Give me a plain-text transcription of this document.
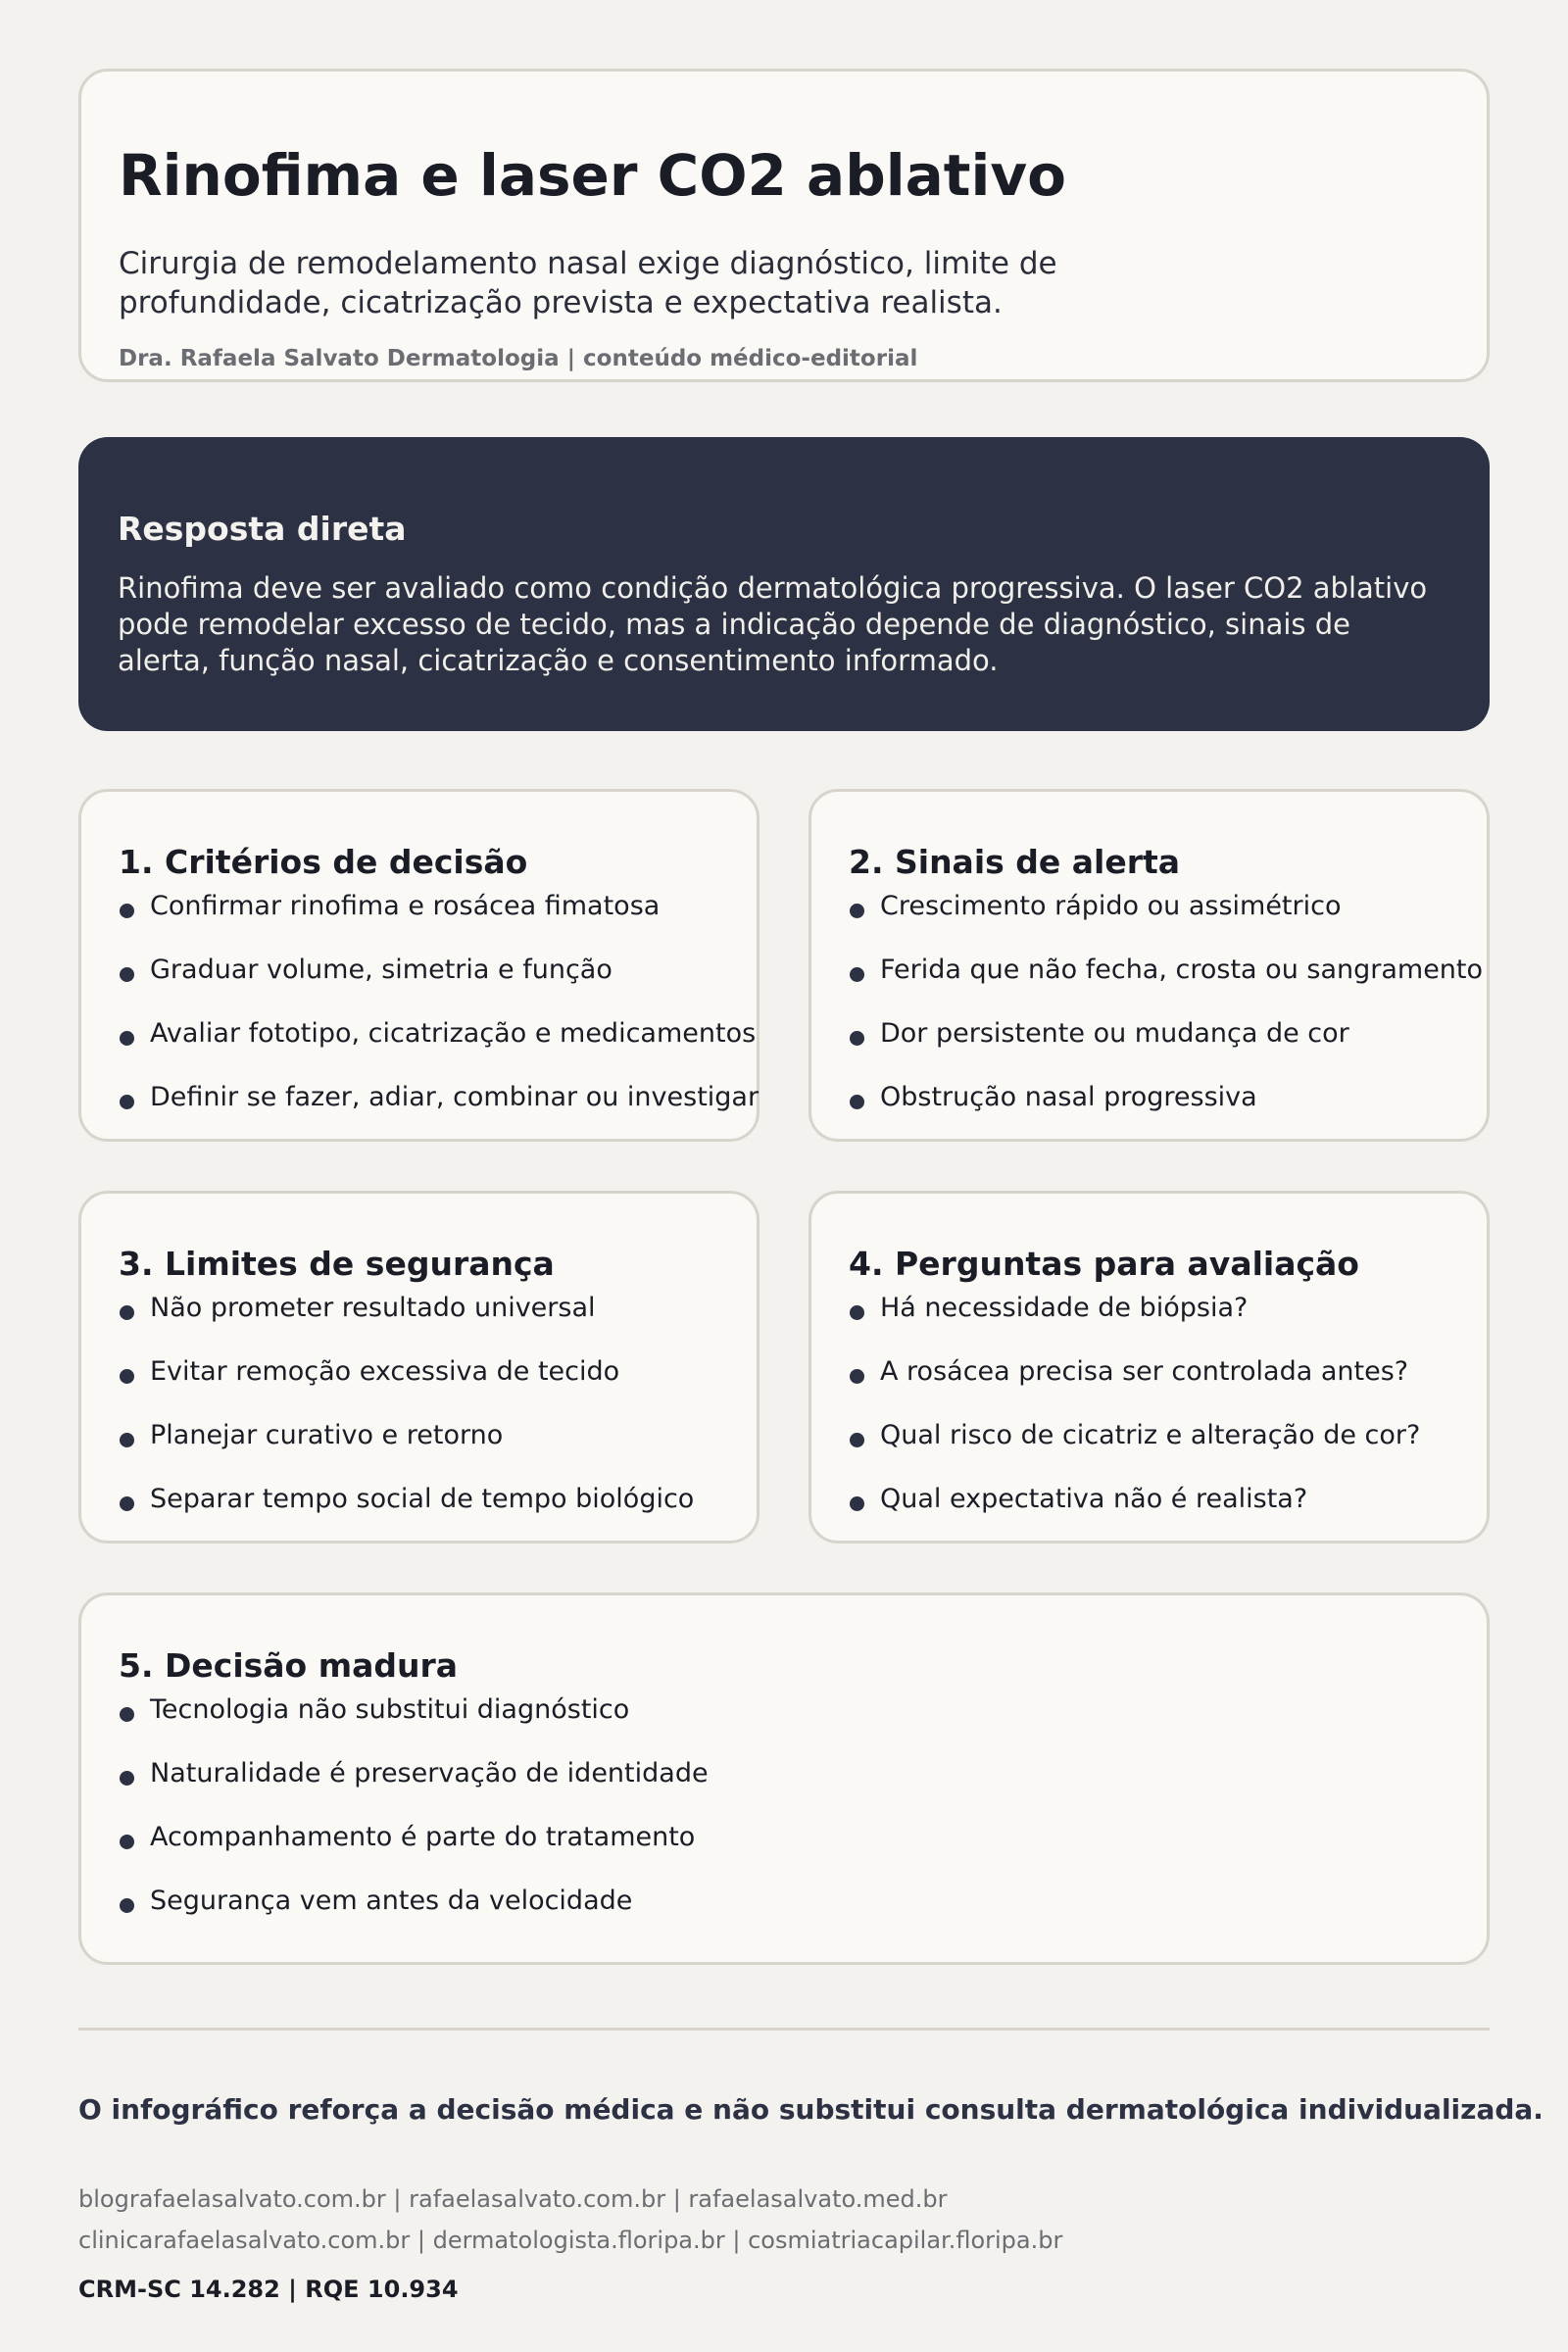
Rinofima e laser CO2 ablativo

Cirurgia de remodelamento nasal exige diagnóstico, limite de profundidade, cicatrização prevista e expectativa realista.

Dra. Rafaela Salvato Dermatologia | conteúdo médico-editorial

Resposta direta

Rinofima deve ser avaliado como condição dermatológica progressiva. O laser CO2 ablativo pode remodelar excesso de tecido, mas a indicação depende de diagnóstico, sinais de alerta, função nasal, cicatrização e consentimento informado.

1. Critérios de decisão
Confirmar rinofima e rosácea fimatosa
Graduar volume, simetria e função
Avaliar fototipo, cicatrização e medicamentos
Definir se fazer, adiar, combinar ou investigar
2. Sinais de alerta
Crescimento rápido ou assimétrico
Ferida que não fecha, crosta ou sangramento
Dor persistente ou mudança de cor
Obstrução nasal progressiva
3. Limites de segurança
Não prometer resultado universal
Evitar remoção excessiva de tecido
Planejar curativo e retorno
Separar tempo social de tempo biológico
4. Perguntas para avaliação
Há necessidade de biópsia?
A rosácea precisa ser controlada antes?
Qual risco de cicatriz e alteração de cor?
Qual expectativa não é realista?
5. Decisão madura
Tecnologia não substitui diagnóstico
Naturalidade é preservação de identidade
Acompanhamento é parte do tratamento
Segurança vem antes da velocidade

O infográfico reforça a decisão médica e não substitui consulta dermatológica individualizada.

blografaelasalvato.com.br | rafaelasalvato.com.br | rafaelasalvato.med.br

clinicarafaelasalvato.com.br | dermatologista.floripa.br | cosmiatriacapilar.floripa.br

CRM-SC 14.282 | RQE 10.934
